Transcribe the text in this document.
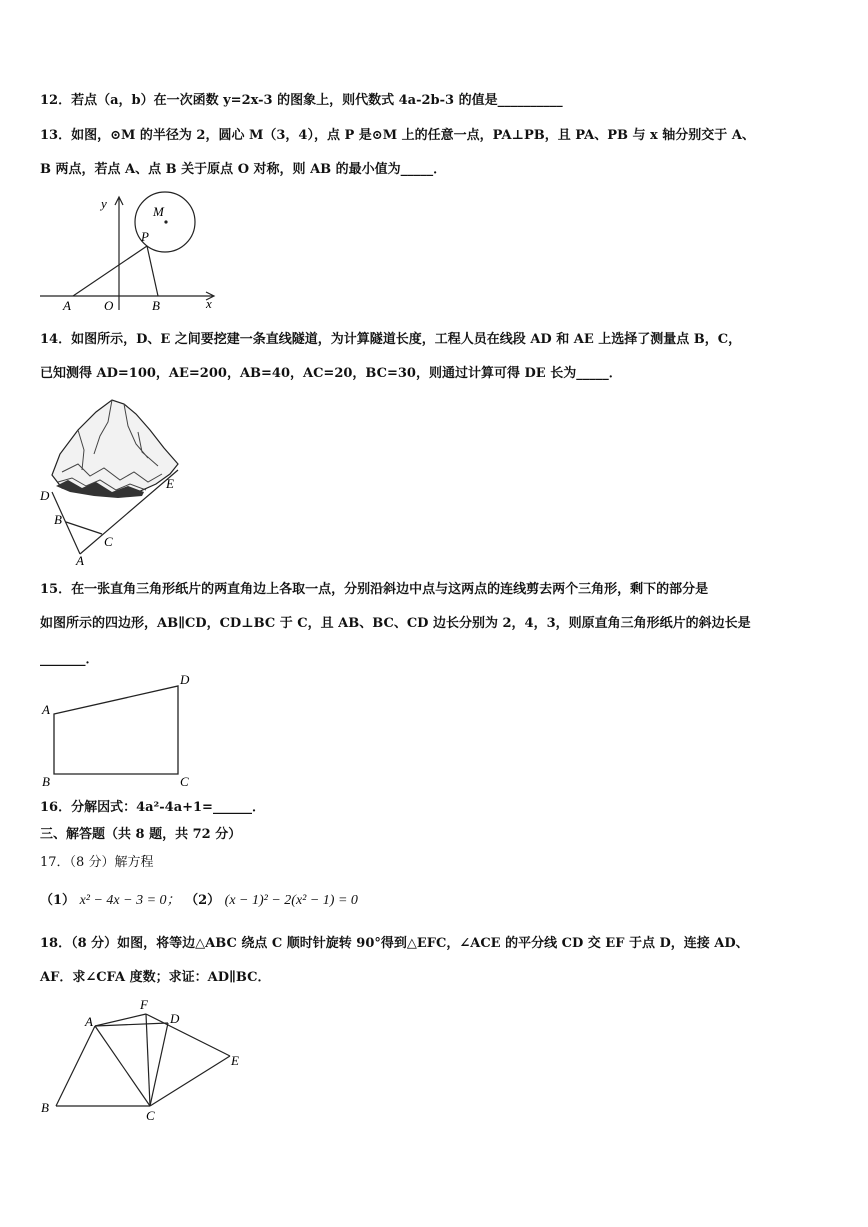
12．若点（a，b）在一次函数 y=2x-3 的图象上，则代数式 4a-2b-3 的值是__________
13．如图，⊙M 的半径为 2，圆心 M（3，4），点 P 是⊙M 上的任意一点，PA⊥PB，且 PA、PB 与 x 轴分别交于 A、
B 两点，若点 A、点 B 关于原点 O 对称，则 AB 的最小值为_____．
y
x
M
P
A	O	B
14．如图所示，D、E 之间要挖建一条直线隧道，为计算隧道长度，工程人员在线段 AD 和 AE 上选择了测量点 B，C，
已知测得 AD=100，AE=200，AB=40，AC=20，BC=30，则通过计算可得 DE 长为_____．
D
E
B
C
A
15．在一张直角三角形纸片的两直角边上各取一点，分别沿斜边中点与这两点的连线剪去两个三角形，剩下的部分是
如图所示的四边形，AB∥CD，CD⊥BC 于 C，且 AB、BC、CD 边长分别为 2，4，3，则原直角三角形纸片的斜边长是
_______．
A
D
B	C
16．分解因式：4a²-4a+1=______．
三、解答题（共 8 题，共 72 分）
17．（8 分）解方程
（1） x² − 4x − 3 = 0； （2） (x − 1)² − 2(x² − 1) = 0
18．（8 分）如图，将等边△ABC 绕点 C 顺时针旋转 90°得到△EFC，∠ACE 的平分线 CD 交 EF 于点 D，连接 AD、
AF．求∠CFA 度数；求证：AD∥BC．
A
F
D
E
B
C
